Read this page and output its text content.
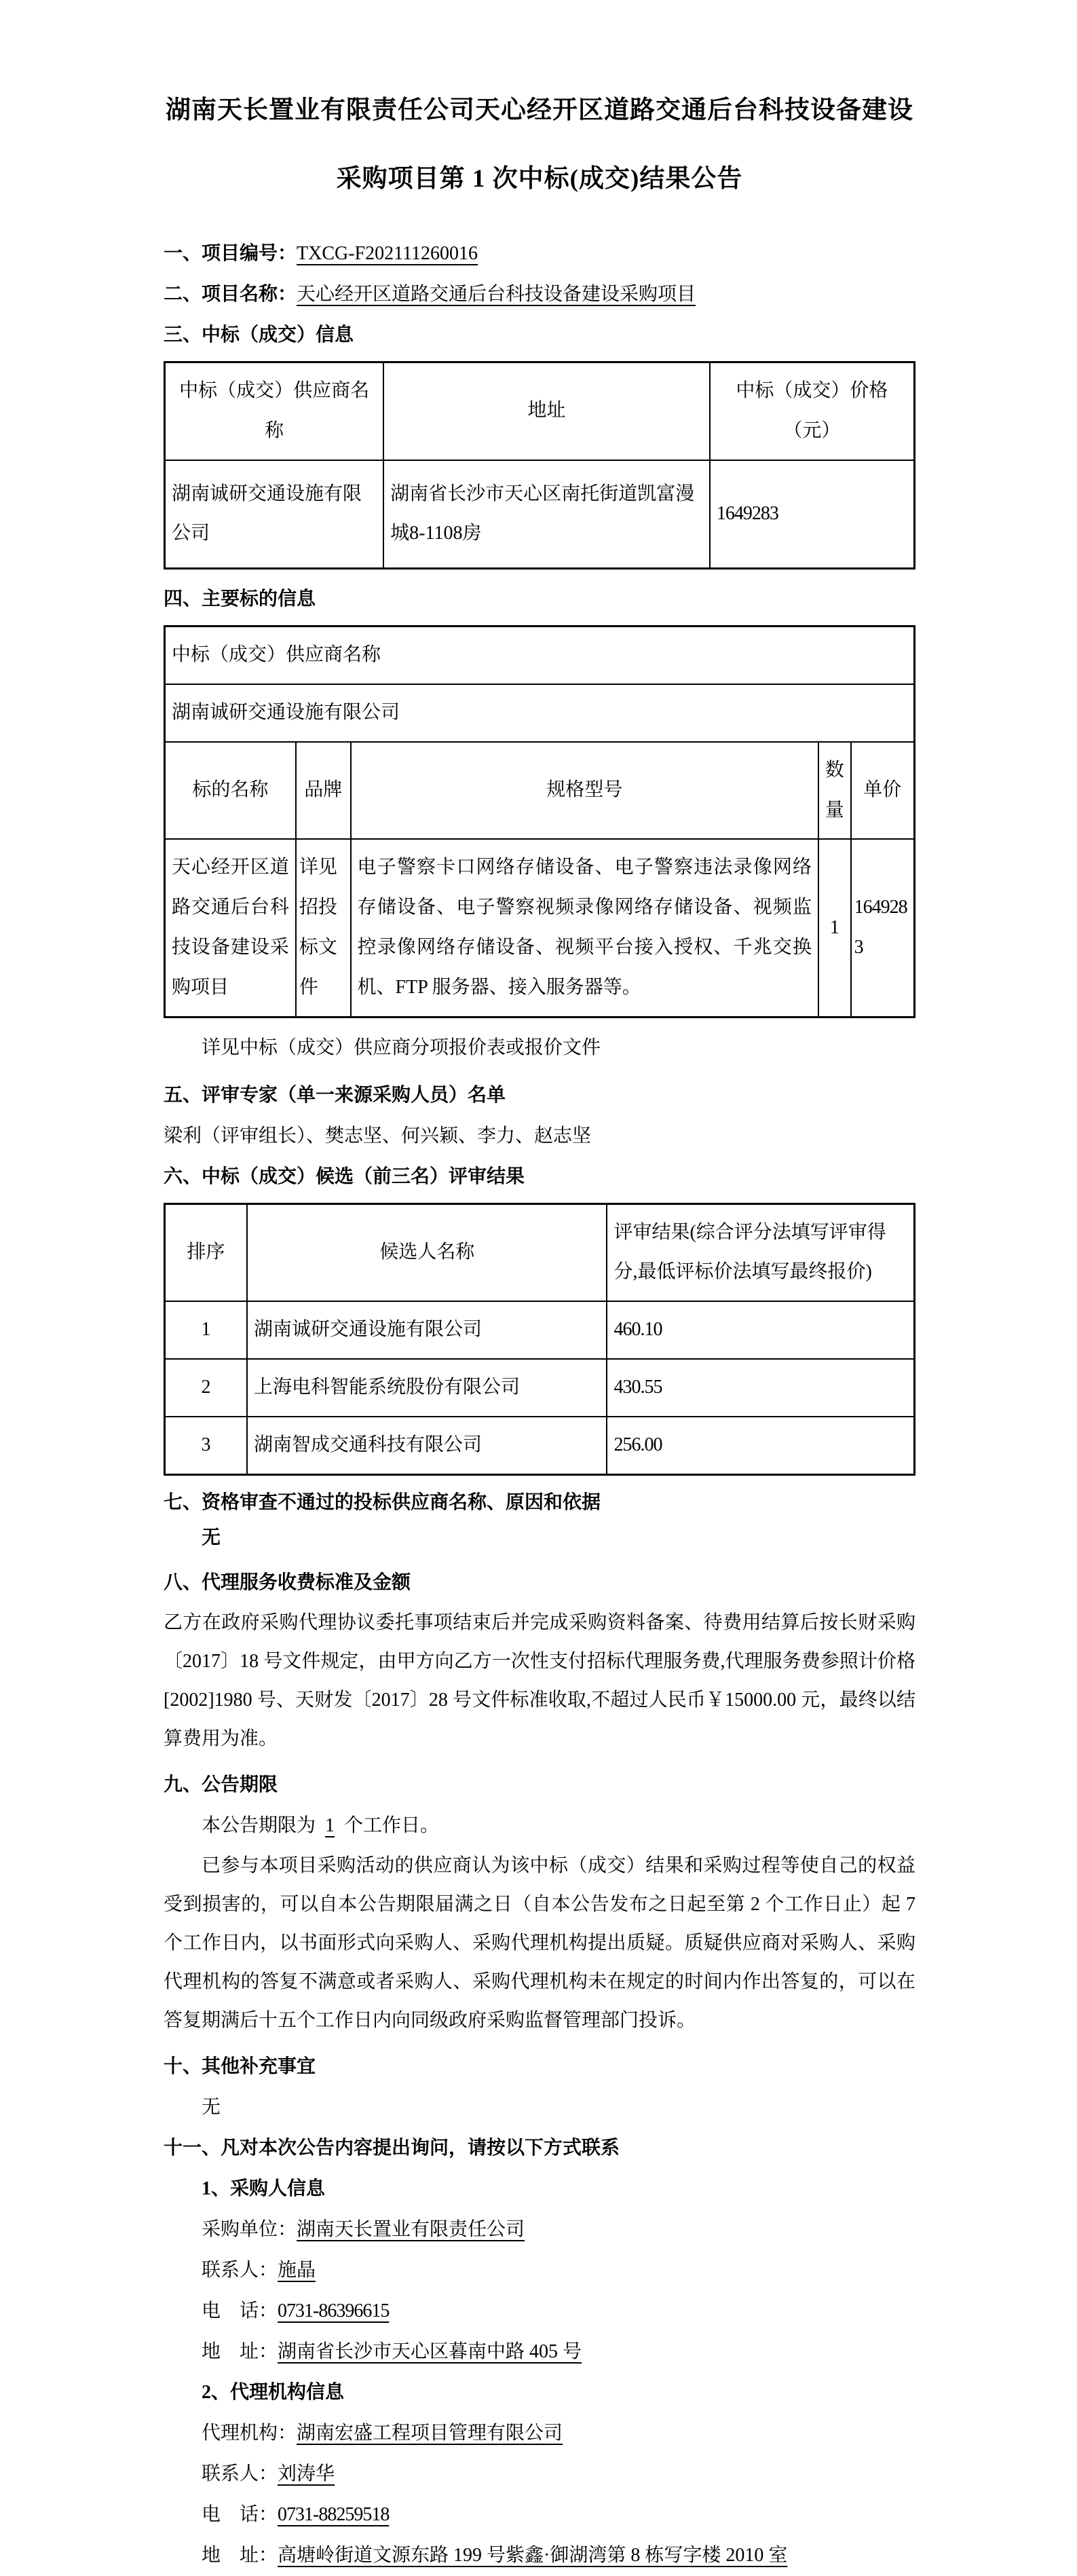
湖南天长置业有限责任公司天心经开区道路交通后台科技设备建设
采购项目第 1 次中标(成交)结果公告

一、项目编号：TXCG-F202111260016

二、项目名称：天心经开区道路交通后台科技设备建设采购项目

三、中标（成交）信息

中标（成交）供应商名称	地址	中标（成交）价格（元）
湖南诚研交通设施有限公司	湖南省长沙市天心区南托街道凯富漫城8-1108房	1649283

四、主要标的信息

中标（成交）供应商名称				
湖南诚研交通设施有限公司				
标的名称	品牌	规格型号	数量	单价
天心经开区道路交通后台科技设备建设采购项目	详见招投标文件	电子警察卡口网络存储设备、电子警察违法录像网络存储设备、电子警察视频录像网络存储设备、视频监控录像网络存储设备、视频平台接入授权、千兆交换机、FTP 服务器、接入服务器等。	1	1649283

详见中标（成交）供应商分项报价表或报价文件

五、评审专家（单一来源采购人员）名单

梁利（评审组长）、樊志坚、何兴颖、李力、赵志坚

六、中标（成交）候选（前三名）评审结果

排序	候选人名称	评审结果(综合评分法填写评审得分,最低评标价法填写最终报价)
1	湖南诚研交通设施有限公司	460.10
2	上海电科智能系统股份有限公司	430.55
3	湖南智成交通科技有限公司	256.00

七、资格审查不通过的投标供应商名称、原因和依据

无

八、代理服务收费标准及金额

乙方在政府采购代理协议委托事项结束后并完成采购资料备案、待费用结算后按长财采购〔2017〕18 号文件规定，由甲方向乙方一次性支付招标代理服务费,代理服务费参照计价格[2002]1980 号、天财发〔2017〕28 号文件标准收取,不超过人民币￥15000.00 元，最终以结算费用为准。

九、公告期限

本公告期限为 1 个工作日。

已参与本项目采购活动的供应商认为该中标（成交）结果和采购过程等使自己的权益受到损害的，可以自本公告期限届满之日（自本公告发布之日起至第 2 个工作日止）起 7 个工作日内，以书面形式向采购人、采购代理机构提出质疑。质疑供应商对采购人、采购代理机构的答复不满意或者采购人、采购代理机构未在规定的时间内作出答复的，可以在答复期满后十五个工作日内向同级政府采购监督管理部门投诉。

十、其他补充事宜

无

十一、凡对本次公告内容提出询问，请按以下方式联系

1、采购人信息

采购单位：湖南天长置业有限责任公司

联系人：施晶

电　话：0731-86396615

地　址：湖南省长沙市天心区暮南中路 405 号

2、代理机构信息

代理机构：湖南宏盛工程项目管理有限公司

联系人：刘涛华

电　话：0731-88259518

地　址：高塘岭街道文源东路 199 号紫鑫·御湖湾第 8 栋写字楼 2010 室
